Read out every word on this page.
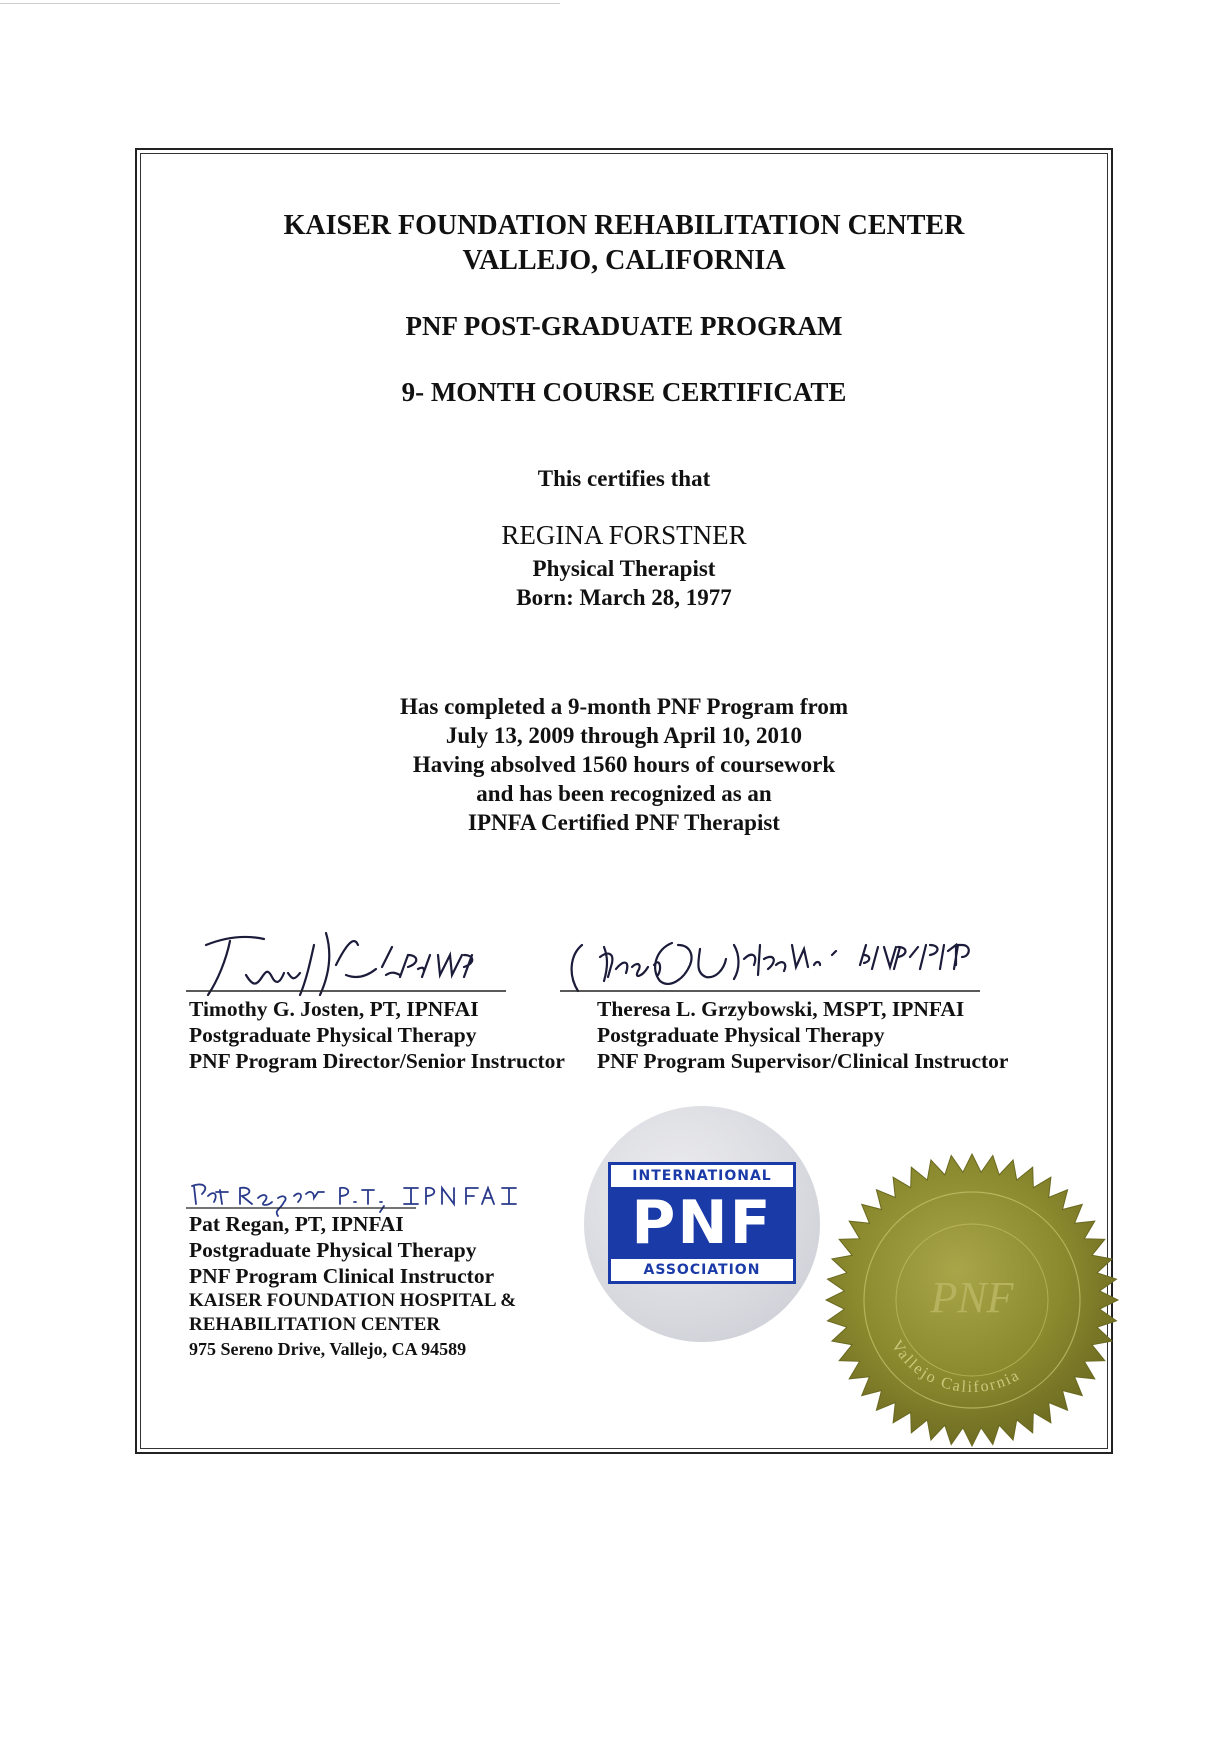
KAISER FOUNDATION REHABILITATION CENTER
VALLEJO, CALIFORNIA
PNF POST-GRADUATE PROGRAM
9- MONTH COURSE CERTIFICATE
This certifies that
REGINA FORSTNER
Physical Therapist
Born: March 28, 1977
Has completed a 9-month PNF Program from
July 13, 2009 through April 10, 2010
Having absolved 1560 hours of coursework
and has been recognized as an
IPNFA Certified PNF Therapist
Timothy G. Josten, PT, IPNFAI
Postgraduate Physical Therapy
PNF Program Director/Senior Instructor
Theresa L. Grzybowski, MSPT, IPNFAI
Postgraduate Physical Therapy
PNF Program Supervisor/Clinical Instructor
Pat Regan, PT, IPNFAI
Postgraduate Physical Therapy
PNF Program Clinical Instructor
KAISER FOUNDATION HOSPITAL &
REHABILITATION CENTER
975 Sereno Drive, Vallejo, CA 94589
INTERNATIONAL
PNF
ASSOCIATION
Vallejo California
PNF
